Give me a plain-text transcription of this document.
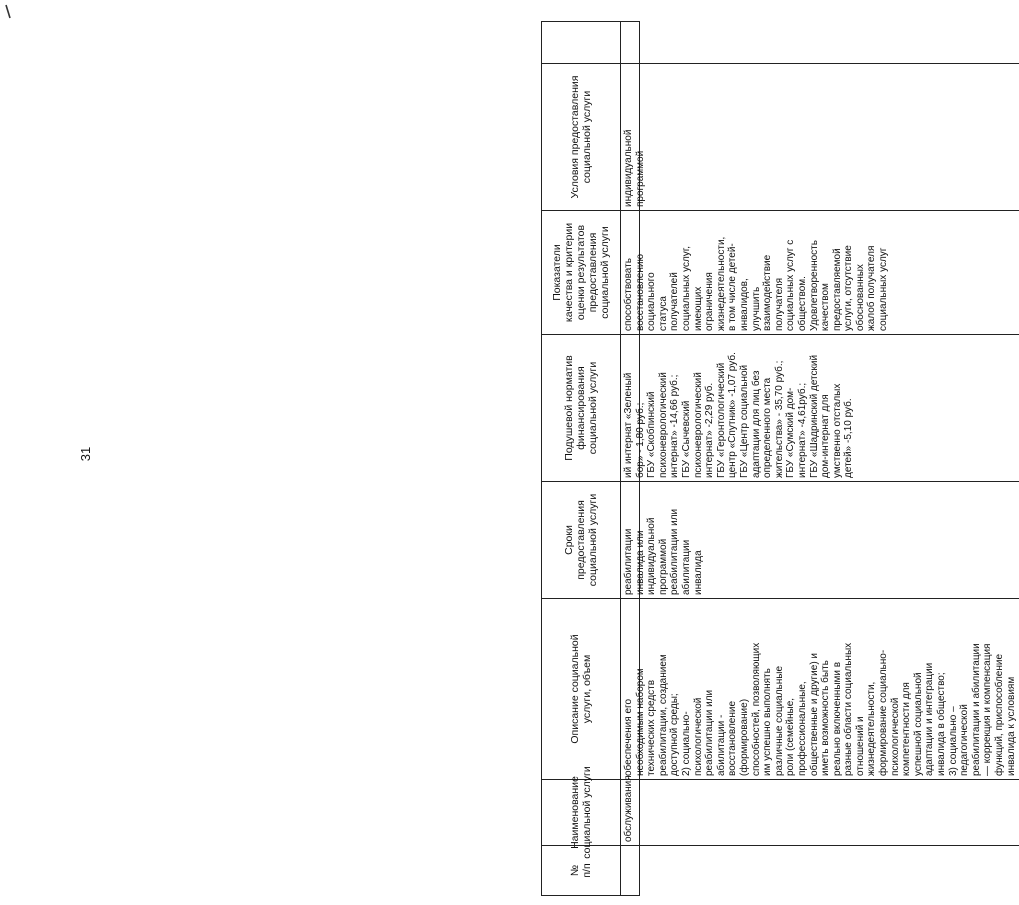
31
№ п/п
Наименование социальной услуги
Описание социальной услуги, объем
Сроки предоставления социальной услуги
Подушевой норматив финансирования социальной услуги
Показатели качества и критерии оценки результатов предоставления социальной услуги
Условия предоставления социальной услуги
обслуживания
обеспечения его необходимым набором технических средств реабилитации, созданием доступной среды; 2) социально- психологической реабилитации или абилитации - восстановление (формирование) способностей, позволяющих им успешно выполнять различные социальные роли (семейные, профессиональные, общественные и другие) и иметь возможность быть реально включенными в разные области социальных отношений и жизнедеятельности, формирование социально- психологической компетентности для успешной социальной адаптации и интеграции инвалида в общество; 3) социально – педагогической реабилитации и абилитации — коррекция и компенсация функций, приспособление инвалида к условиям
реабилитации инвалида или индивидуальной программой реабилитации или абилитации инвалида
ий интернат «Зеленый бор» - 1,80 руб.; ГБУ «Скобпинский психоневрологический интернат» -14,66 руб.; ГБУ «Сычевский психоневрологический интернат» -2,29 руб. ГБУ «Геронтологический центр «Спутник» -1,07 руб. ГБУ «Центр социальной адаптации для лиц без определенного места жительства» - 35,70 руб.; ГБУ «Сумский дом- интернат» -4,61руб.; ГБУ «Шадринский детский дом-интернат для умственно отсталых детей» -5,10 руб.
способствовать восстановлению социального статуса получателей социальных услуг, имеющих ограничения жизнедеятельности, в том числе детей- инвалидов, улучшить взаимодействие получателя социальных услуг с обществом. Удовлетворенность качеством предоставляемой услуги, отсутствие обоснованных жалоб получателя социальных услуг
индивидуальной программой
